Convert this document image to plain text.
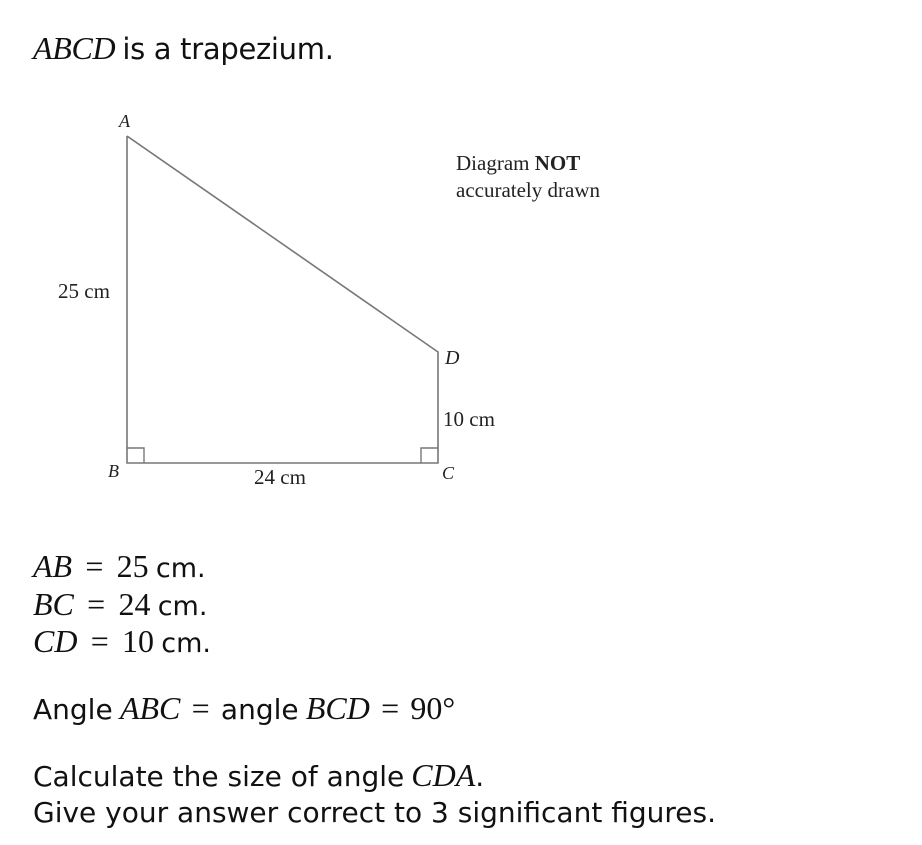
ABCD is a trapezium.
A
B	C
D
25 cm
24 cm
10 cm
Diagram NOT
accurately drawn
AB = 25 cm.
BC = 24 cm.
CD = 10 cm.
Angle ABC = angle BCD = 90°
Calculate the size of angle CDA.
Give your answer correct to 3 significant figures.
